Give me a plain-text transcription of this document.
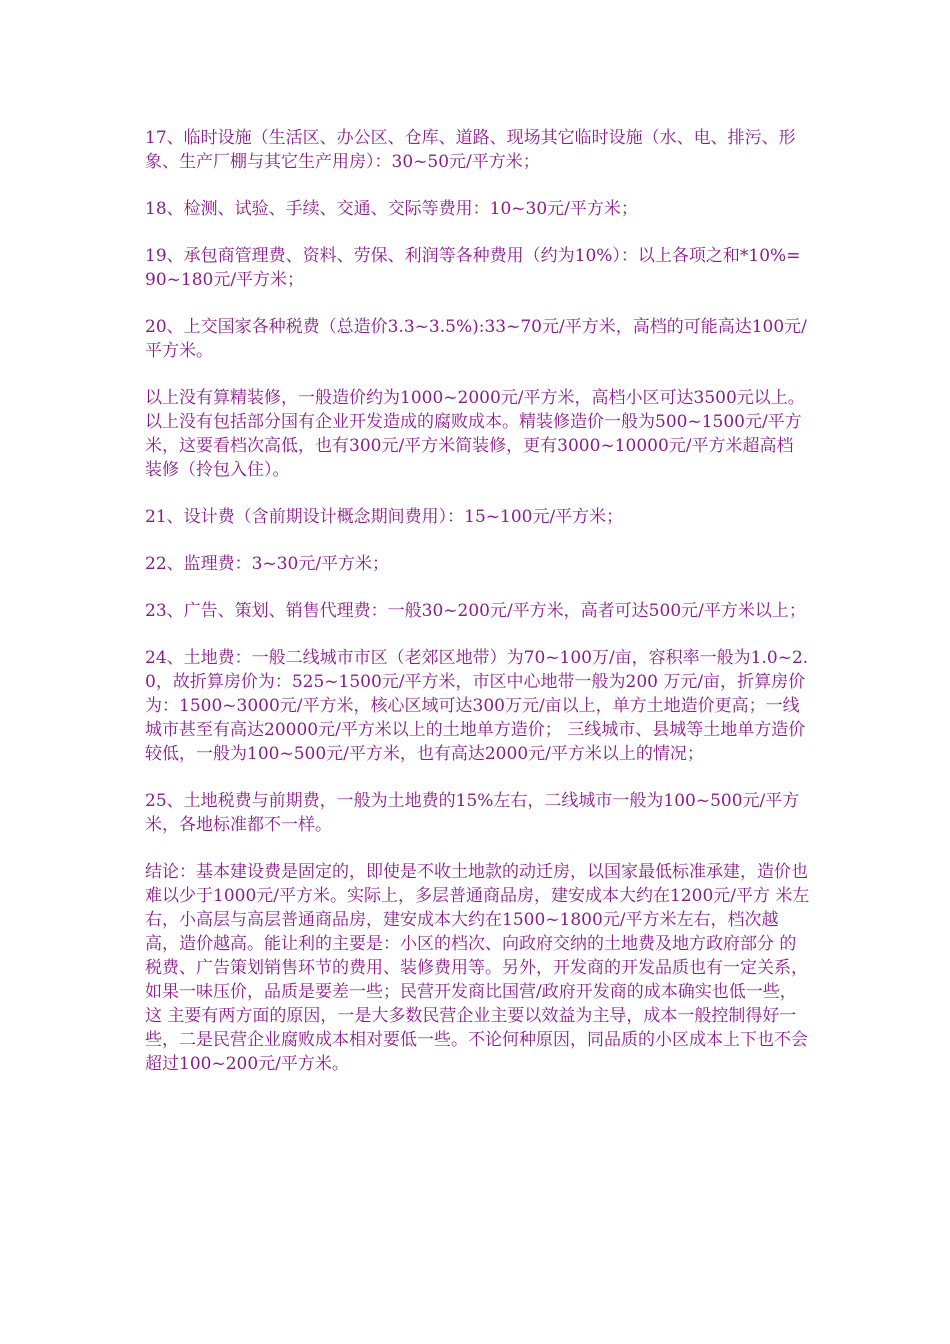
17、临时设施（生活区、办公区、仓库、道路、现场其它临时设施（水、电、排污、形象、生产厂棚与其它生产用房）：30~50元/平方米；

18、检测、试验、手续、交通、交际等费用：10~30元/平方米；

19、承包商管理费、资料、劳保、利润等各种费用（约为10%）：以上各项之和*10%=90~180元/平方米；

20、上交国家各种税费（总造价3.3~3.5%):33~70元/平方米，高档的可能高达100元/平方米。

以上没有算精装修，一般造价约为1000~2000元/平方米，高档小区可达3500元以上。以上没有包括部分国有企业开发造成的腐败成本。精装修造价一般为500~1500元/平方米，这要看档次高低，也有300元/平方米简装修，更有3000~10000元/平方米超高档装修（拎包入住）。

21、设计费（含前期设计概念期间费用）：15~100元/平方米；

22、监理费：3~30元/平方米；

23、广告、策划、销售代理费：一般30~200元/平方米，高者可达500元/平方米以上；

24、土地费：一般二线城市市区（老郊区地带）为70~100万/亩，容积率一般为1.0~2.0，故折算房价为：525~1500元/平方米，市区中心地带一般为200 万元/亩，折算房价为：1500~3000元/平方米，核心区域可达300万元/亩以上，单方土地造价更高；一线城市甚至有高达20000元/平方米以上的土地单方造价； 三线城市、县城等土地单方造价较低，一般为100~500元/平方米，也有高达2000元/平方米以上的情况；

25、土地税费与前期费，一般为土地费的15%左右，二线城市一般为100~500元/平方米，各地标准都不一样。

结论：基本建设费是固定的，即使是不收土地款的动迁房，以国家最低标准承建，造价也难以少于1000元/平方米。实际上，多层普通商品房，建安成本大约在1200元/平方 米左右，小高层与高层普通商品房，建安成本大约在1500~1800元/平方米左右，档次越高，造价越高。能让利的主要是：小区的档次、向政府交纳的土地费及地方政府部分 的税费、广告策划销售环节的费用、装修费用等。另外，开发商的开发品质也有一定关系，如果一味压价，品质是要差一些；民营开发商比国营/政府开发商的成本确实也低一些，这 主要有两方面的原因，一是大多数民营企业主要以效益为主导，成本一般控制得好一些，二是民营企业腐败成本相对要低一些。不论何种原因，同品质的小区成本上下也不会超过100~200元/平方米。
